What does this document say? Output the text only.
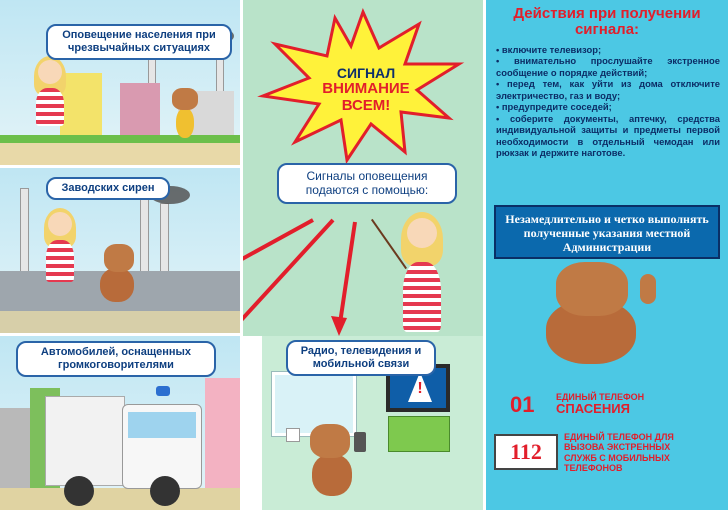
Оповещение населения при чрезвычайных ситуациях
Заводских сирен
Автомобилей, оснащенных громкоговорителями
СИГНАЛ
ВНИМАНИЕ
ВСЕМ!
Сигналы оповещения подаются с помощью:
!
Радио, телевидения и мобильной связи
Действия при получении сигнала:
• включите телевизор;
• внимательно прослушайте экстренное сообщение о порядке действий;
• перед тем, как уйти из дома отключите электричество, газ и воду;
• предупредите соседей;
• соберите документы, аптечку, средства индивидуальной защиты и предметы первой необходимости в отдельный чемодан или рюкзак и держите наготове.
Незамедлительно и четко выполнять полученные указания местной Администрации
01 ЕДИНЫЙ ТЕЛЕФОН
СПАСЕНИЯ
112
ЕДИНЫЙ ТЕЛЕФОН ДЛЯ ВЫЗОВА ЭКСТРЕННЫХ СЛУЖБ С МОБИЛЬНЫХ ТЕЛЕФОНОВ
